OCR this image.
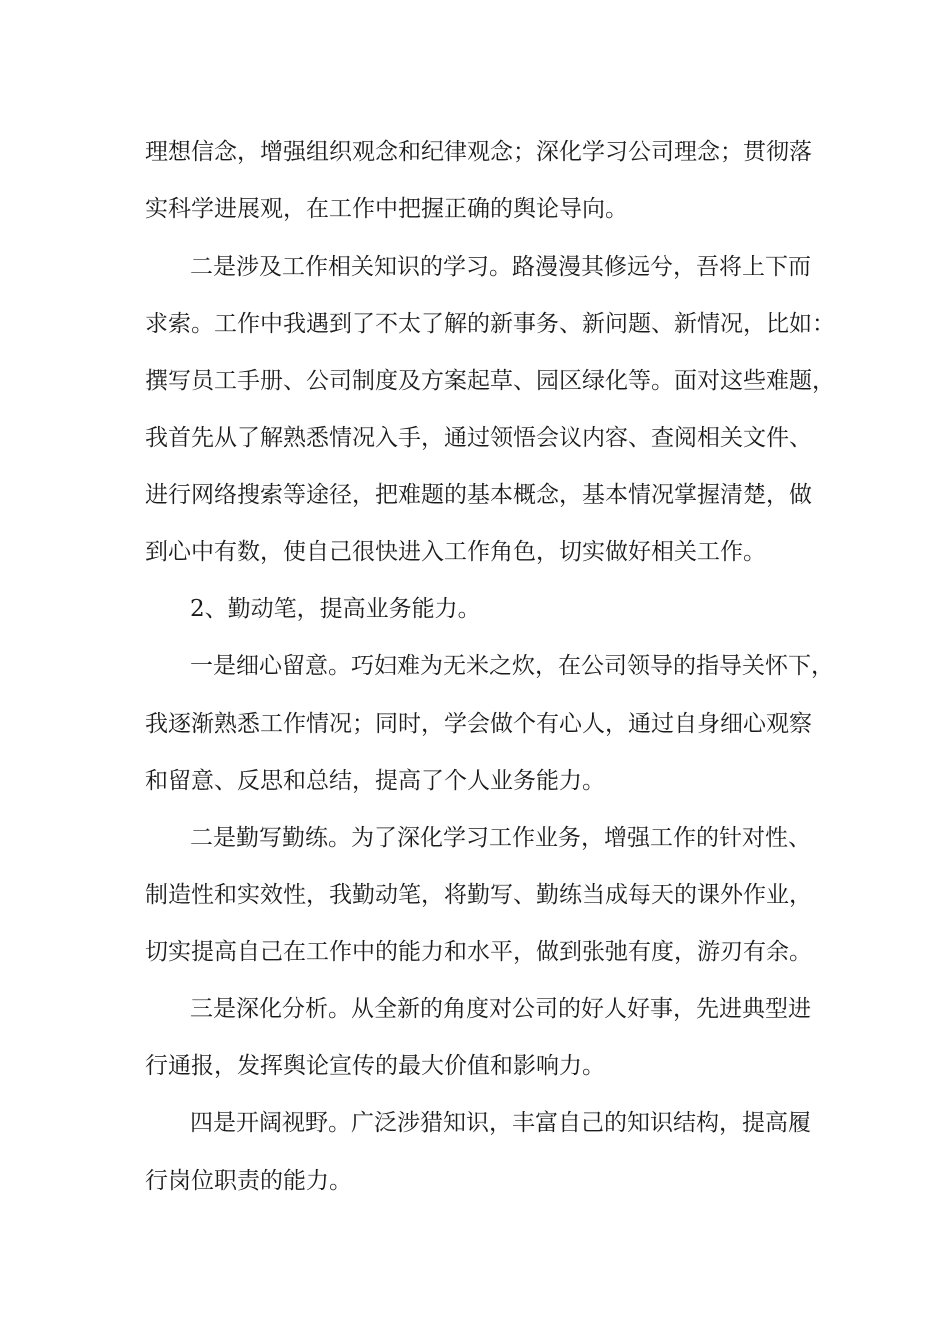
理想信念，增强组织观念和纪律观念；深化学习公司理念；贯彻落

实科学进展观，在工作中把握正确的舆论导向。

二是涉及工作相关知识的学习。路漫漫其修远兮，吾将上下而

求索。工作中我遇到了不太了解的新事务、新问题、新情况，比如：

撰写员工手册、公司制度及方案起草、园区绿化等。面对这些难题，

我首先从了解熟悉情况入手，通过领悟会议内容、查阅相关文件、

进行网络搜索等途径，把难题的基本概念，基本情况掌握清楚，做

到心中有数，使自己很快进入工作角色，切实做好相关工作。

2、勤动笔，提高业务能力。

一是细心留意。巧妇难为无米之炊，在公司领导的指导关怀下，

我逐渐熟悉工作情况；同时，学会做个有心人，通过自身细心观察

和留意、反思和总结，提高了个人业务能力。

二是勤写勤练。为了深化学习工作业务，增强工作的针对性、

制造性和实效性，我勤动笔，将勤写、勤练当成每天的课外作业，

切实提高自己在工作中的能力和水平，做到张弛有度，游刃有余。

三是深化分析。从全新的角度对公司的好人好事，先进典型进

行通报，发挥舆论宣传的最大价值和影响力。

四是开阔视野。广泛涉猎知识，丰富自己的知识结构，提高履

行岗位职责的能力。
